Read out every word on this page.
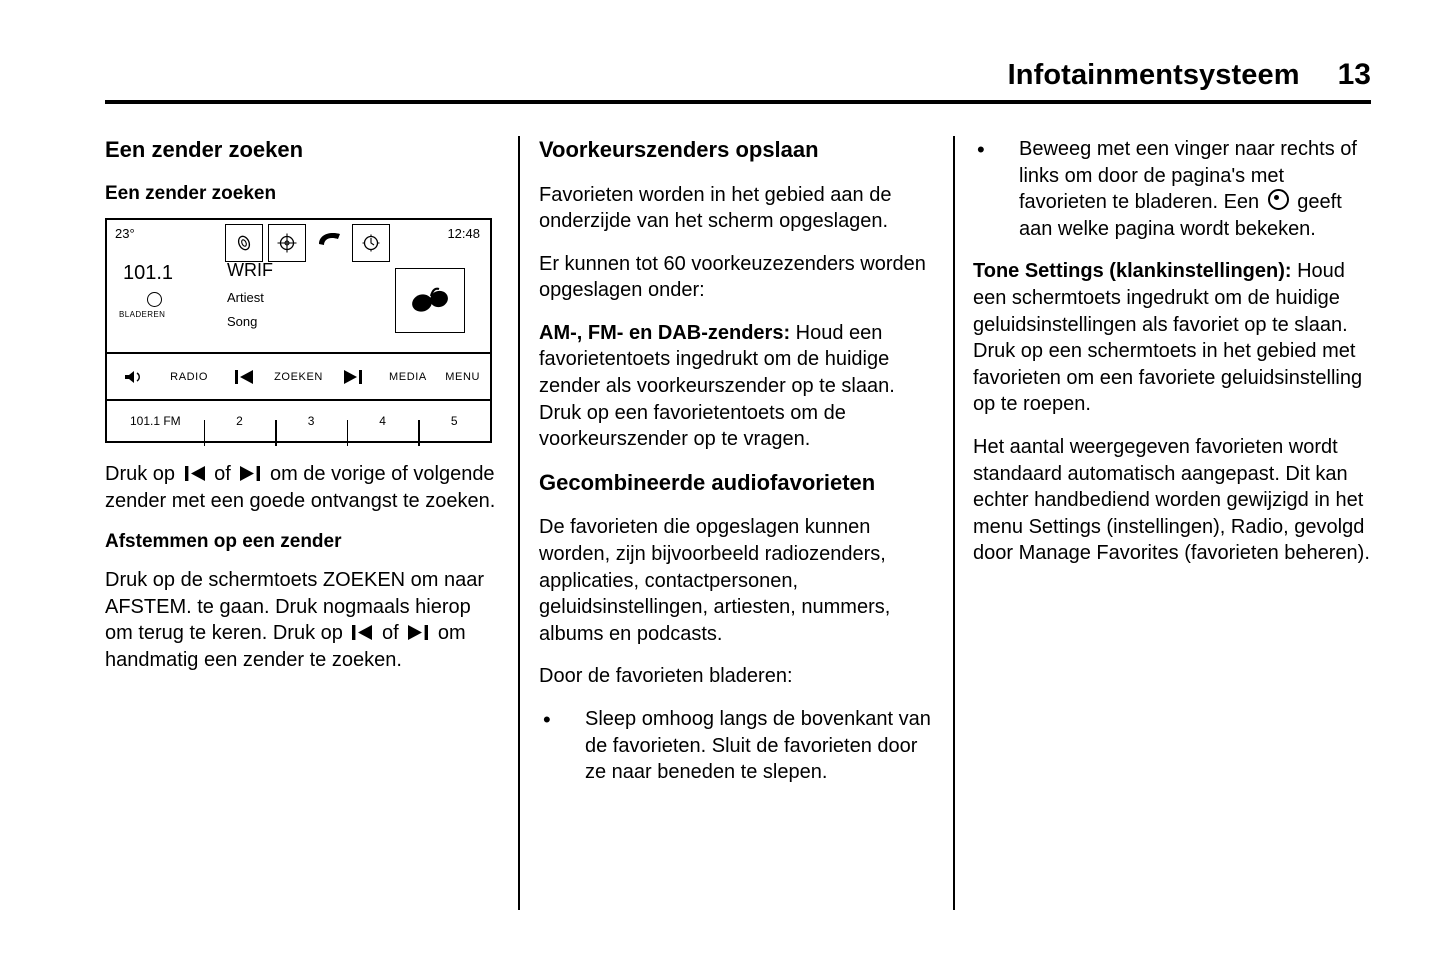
Infotainmentsysteem 13
Een zender zoeken
Een zender zoeken
23°	12:48
101.1
BLADEREN
WRIF
Artiest
Song
RADIO	ZOEKEN	MEDIA	MENU
101.1 FM	2	3	4	5

Druk op of om de vorige of volgende zender met een goede ontvangst te zoeken.

Afstemmen op een zender

Druk op de schermtoets ZOEKEN om naar AFSTEM. te gaan. Druk nogmaals hierop om terug te keren. Druk op of om handmatig een zender te zoeken.

Voorkeurszenders opslaan

Favorieten worden in het gebied aan de onderzijde van het scherm opgeslagen.

Er kunnen tot 60 voorkeuzezenders worden opgeslagen onder:

AM-, FM- en DAB-zenders: Houd een favorietentoets ingedrukt om de huidige zender als voorkeurszender op te slaan. Druk op een favorietentoets om de voorkeurszender op te vragen.

Gecombineerde audiofavorieten

De favorieten die opgeslagen kunnen worden, zijn bijvoorbeeld radiozenders, applicaties, contactpersonen, geluidsinstellingen, artiesten, nummers, albums en podcasts.

Door de favorieten bladeren:

• Sleep omhoog langs de bovenkant van de favorieten. Sluit de favorieten door ze naar beneden te slepen.
• Beweeg met een vinger naar rechts of links om door de pagina's met favorieten te bladeren. Een geeft aan welke pagina wordt bekeken.

Tone Settings (klankinstellingen): Houd een schermtoets ingedrukt om de huidige geluidsinstellingen als favoriet op te slaan. Druk op een schermtoets in het gebied met favorieten om een favoriete geluidsinstelling op te roepen.

Het aantal weergegeven favorieten wordt standaard automatisch aangepast. Dit kan echter handbediend worden gewijzigd in het menu Settings (instellingen), Radio, gevolgd door Manage Favorites (favorieten beheren).
